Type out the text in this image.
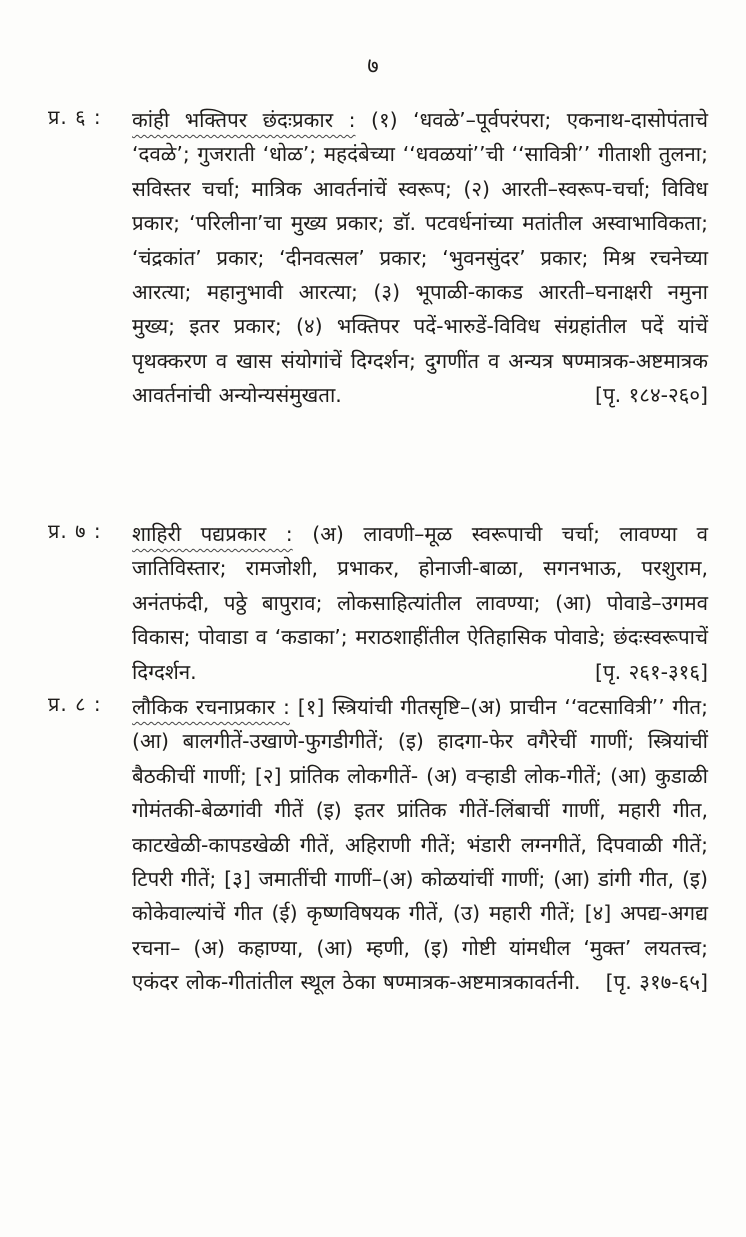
७
प्र. ६ : कांही भक्तिपर छंदःप्रकार : (१) ‘धवळे’–पूर्वपरंपरा; एकनाथ-दासोपंताचे ‘दवळे’; गुजराती ‘धोळ’; महदंबेच्या ‘‘धवळयां’’ची ‘‘सावित्री’’ गीताशी तुलना; सविस्तर चर्चा; मात्रिक आवर्तनांचें स्वरूप; (२) आरती–स्वरूप-चर्चा; विविध प्रकार; ‘परिलीना’चा मुख्य प्रकार; डॉ. पटवर्धनांच्या मतांतील अस्वाभाविकता; ‘चंद्रकांत’ प्रकार; ‘दीनवत्सल’ प्रकार; ‘भुवनसुंदर’ प्रकार; मिश्र रचनेच्या आरत्या; महानुभावी आरत्या; (३) भूपाळी-काकड आरती–घनाक्षरी नमुना मुख्य; इतर प्रकार; (४) भक्तिपर पदें-भारुडें-विविध संग्रहांतील पदें यांचें पृथक्करण व खास संयोगांचें दिग्दर्शन; दुगणींत व अन्यत्र षण्मात्रक-अष्टमात्रक आवर्तनांची अन्योन्यसंमुखता.	[पृ. १८४-२६०]
प्र. ७ : शाहिरी पद्यप्रकार : (अ) लावणी–मूळ स्वरूपाची चर्चा; लावण्या व जातिविस्तार; रामजोशी, प्रभाकर, होनाजी-बाळा, सगनभाऊ, परशुराम, अनंतफंदी, पठ्ठे बापुराव; लोकसाहित्यांतील लावण्या; (आ) पोवाडे–उगमव विकास; पोवाडा व ‘कडाका’; मराठशाहींतील ऐतिहासिक पोवाडे; छंदःस्वरूपाचें दिग्दर्शन.	[पृ. २६१-३१६]
प्र. ८ : लौकिक रचनाप्रकार : [१] स्त्रियांची गीतसृष्टि–(अ) प्राचीन ‘‘वटसावित्री’’ गीत; (आ) बालगीतें-उखाणे-फुगडीगीतें; (इ) हादगा-फेर वगैरेचीं गाणीं; स्त्रियांचीं बैठकीचीं गाणीं; [२] प्रांतिक लोकगीतें- (अ) वऱ्हाडी लोक-गीतें; (आ) कुडाळी गोमंतकी-बेळगांवी गीतें (इ) इतर प्रांतिक गीतें-लिंबाचीं गाणीं, महारी गीत, काटखेळी-कापडखेळी गीतें, अहिराणी गीतें; भंडारी लग्नगीतें, दिपवाळी गीतें; टिपरी गीतें; [३] जमातींची गाणीं–(अ) कोळयांचीं गाणीं; (आ) डांगी गीत, (इ) कोकेवाल्यांचें गीत (ई) कृष्णविषयक गीतें, (उ) महारी गीतें; [४] अपद्य-अगद्य रचना– (अ) कहाण्या, (आ) म्हणी, (इ) गोष्टी यांमधील ‘मुक्त’ लयतत्त्व; एकंदर लोक-गीतांतील स्थूल ठेका षण्मात्रक-अष्टमात्रकावर्तनी. [पृ. ३१७-६५]
